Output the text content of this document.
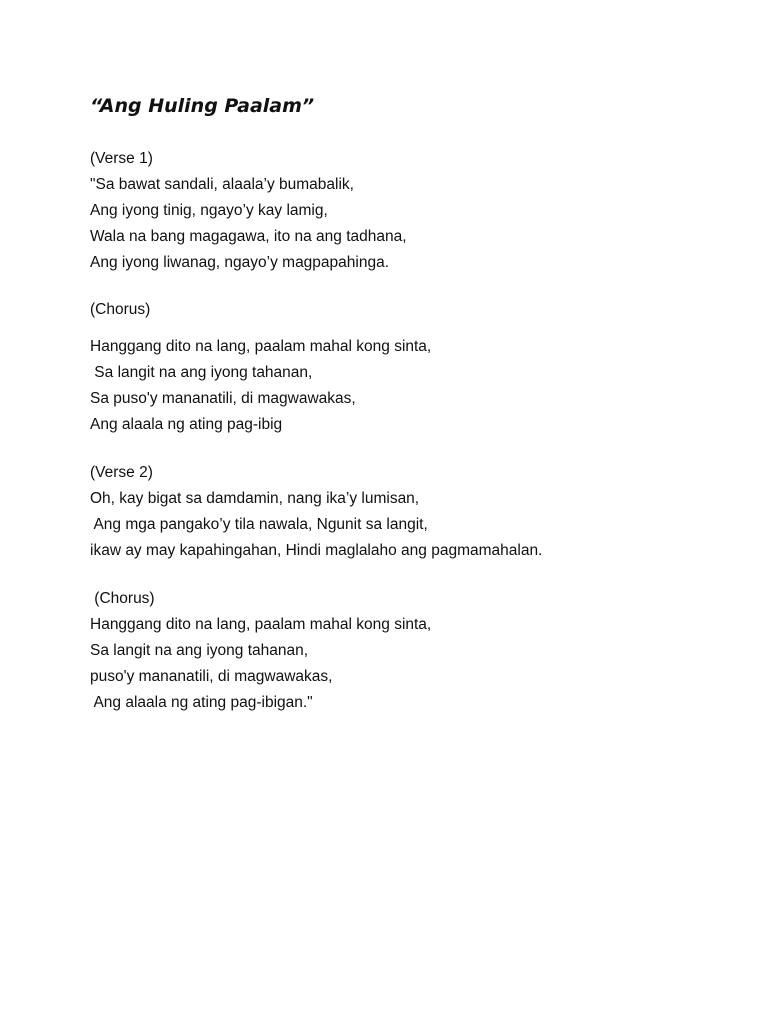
“Ang Huling Paalam”
(Verse 1)
"Sa bawat sandali, alaala’y bumabalik,
Ang iyong tinig, ngayo’y kay lamig,
Wala na bang magagawa, ito na ang tadhana,
Ang iyong liwanag, ngayo’y magpapahinga.
(Chorus)
Hanggang dito na lang, paalam mahal kong sinta,
Sa langit na ang iyong tahanan,
Sa puso'y mananatili, di magwawakas,
Ang alaala ng ating pag-ibig
(Verse 2)
Oh, kay bigat sa damdamin, nang ika’y lumisan,
Ang mga pangako’y tila nawala, Ngunit sa langit,
ikaw ay may kapahingahan, Hindi maglalaho ang pagmamahalan.
(Chorus)
Hanggang dito na lang, paalam mahal kong sinta,
Sa langit na ang iyong tahanan,
puso'y mananatili, di magwawakas,
Ang alaala ng ating pag-ibigan."
